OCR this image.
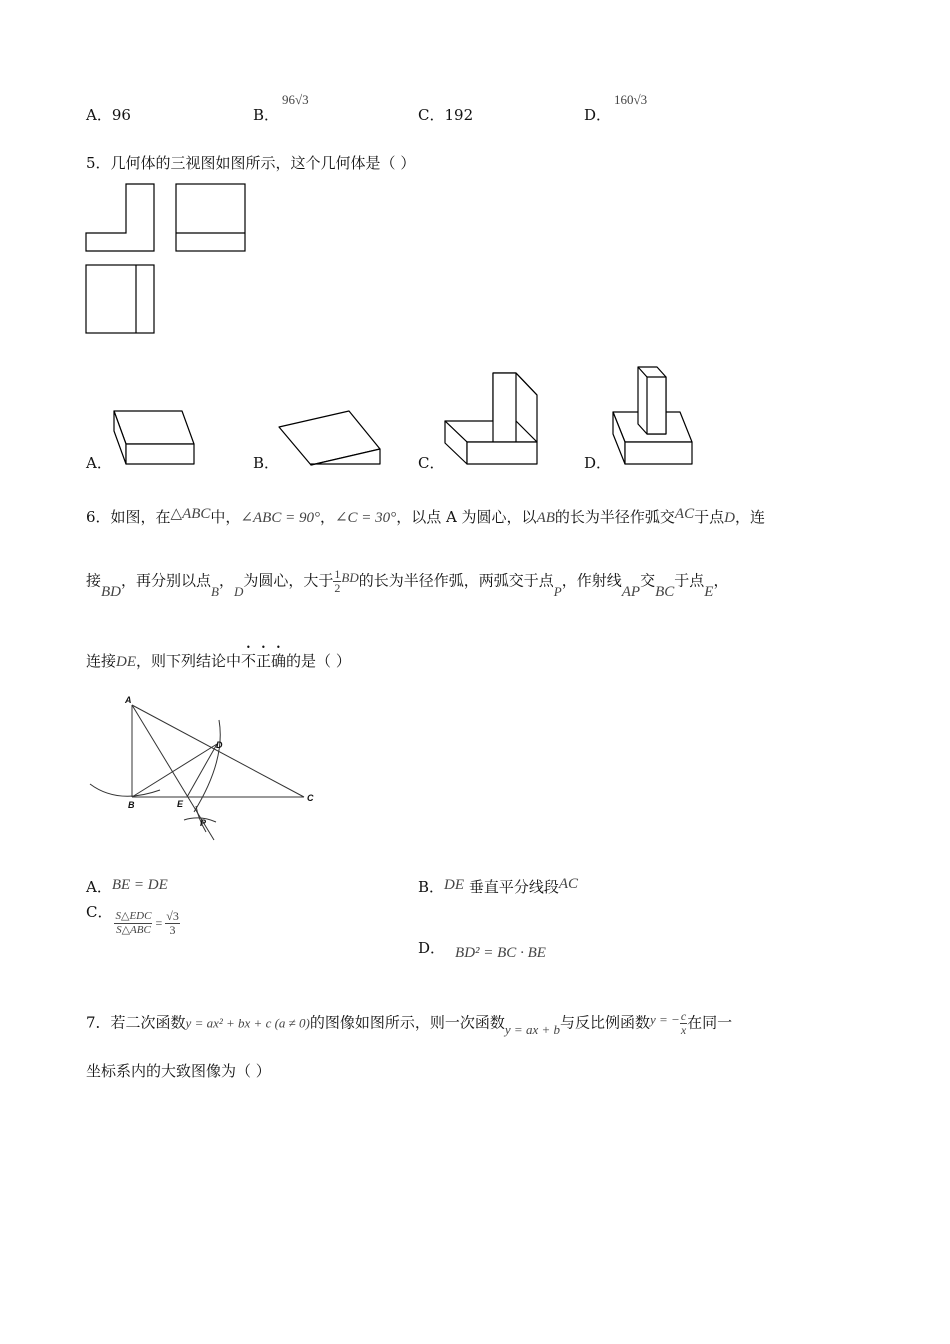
A．96	B．
96√3
C．192	D．
160√3
5．几何体的三视图如图所示，这个几何体是（ ）
A．	B．	C．	D．
6．如图，在△ABC中，∠ABC = 90°，∠C = 30°，以点 A 为圆心，以AB的长为半径作弧交AC于点D，连
接BD，再分别以点B，D为圆心，大于 $\frac{1}{2}$ BD的长为半径作弧，两弧交于点P，作射线AP交BC于点E，
连接DE，则下列结论中不正确的是（ ）
A
B
C
D
E
P
A．BE = DE	B．DE 垂直平分线段AC
C． $\frac{\text{S△EDC}}{\text{S△ABC}} = \frac{√3}{3}$
D． BD² = BC · BE
7．若二次函数y = ax² + bx + c (a ≠ 0)的图像如图所示，则一次函数y = ax + b与反比例函数y = − $\frac{c}{x}$ 在同一
坐标系内的大致图像为（ ）
